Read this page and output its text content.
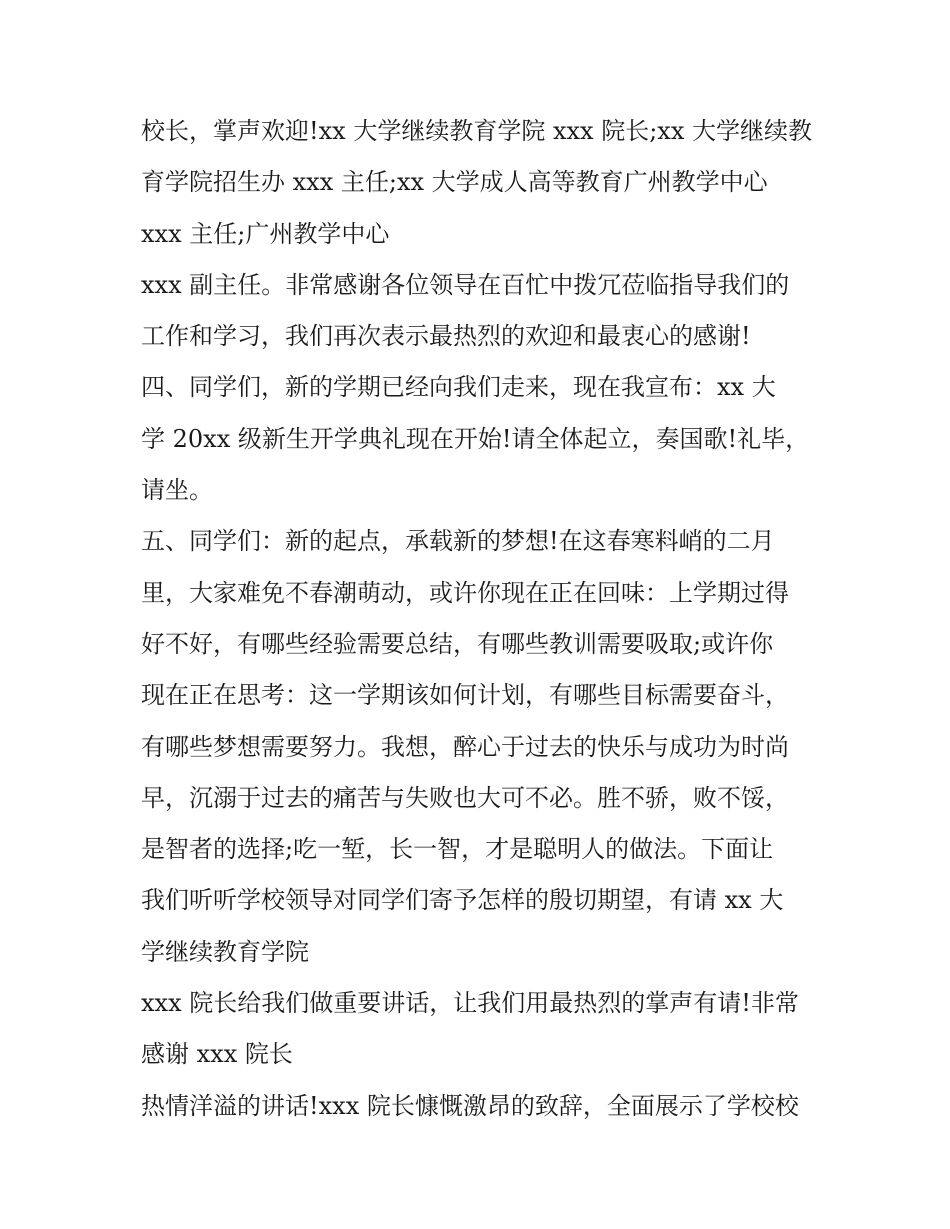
校长，掌声欢迎!xx 大学继续教育学院 xxx 院长;xx 大学继续教
育学院招生办 xxx 主任;xx 大学成人高等教育广州教学中心
xxx 主任;广州教学中心
xxx 副主任。非常感谢各位领导在百忙中拨冗莅临指导我们的
工作和学习，我们再次表示最热烈的欢迎和最衷心的感谢!
四、同学们，新的学期已经向我们走来，现在我宣布：xx 大
学 20xx 级新生开学典礼现在开始!请全体起立，奏国歌!礼毕，
请坐。
五、同学们：新的起点，承载新的梦想!在这春寒料峭的二月
里，大家难免不春潮萌动，或许你现在正在回味：上学期过得
好不好，有哪些经验需要总结，有哪些教训需要吸取;或许你
现在正在思考：这一学期该如何计划，有哪些目标需要奋斗，
有哪些梦想需要努力。我想，醉心于过去的快乐与成功为时尚
早，沉溺于过去的痛苦与失败也大可不必。胜不骄，败不馁，
是智者的选择;吃一堑，长一智，才是聪明人的做法。下面让
我们听听学校领导对同学们寄予怎样的殷切期望，有请 xx 大
学继续教育学院
xxx 院长给我们做重要讲话，让我们用最热烈的掌声有请!非常
感谢 xxx 院长
热情洋溢的讲话!xxx 院长慷慨激昂的致辞，全面展示了学校校
